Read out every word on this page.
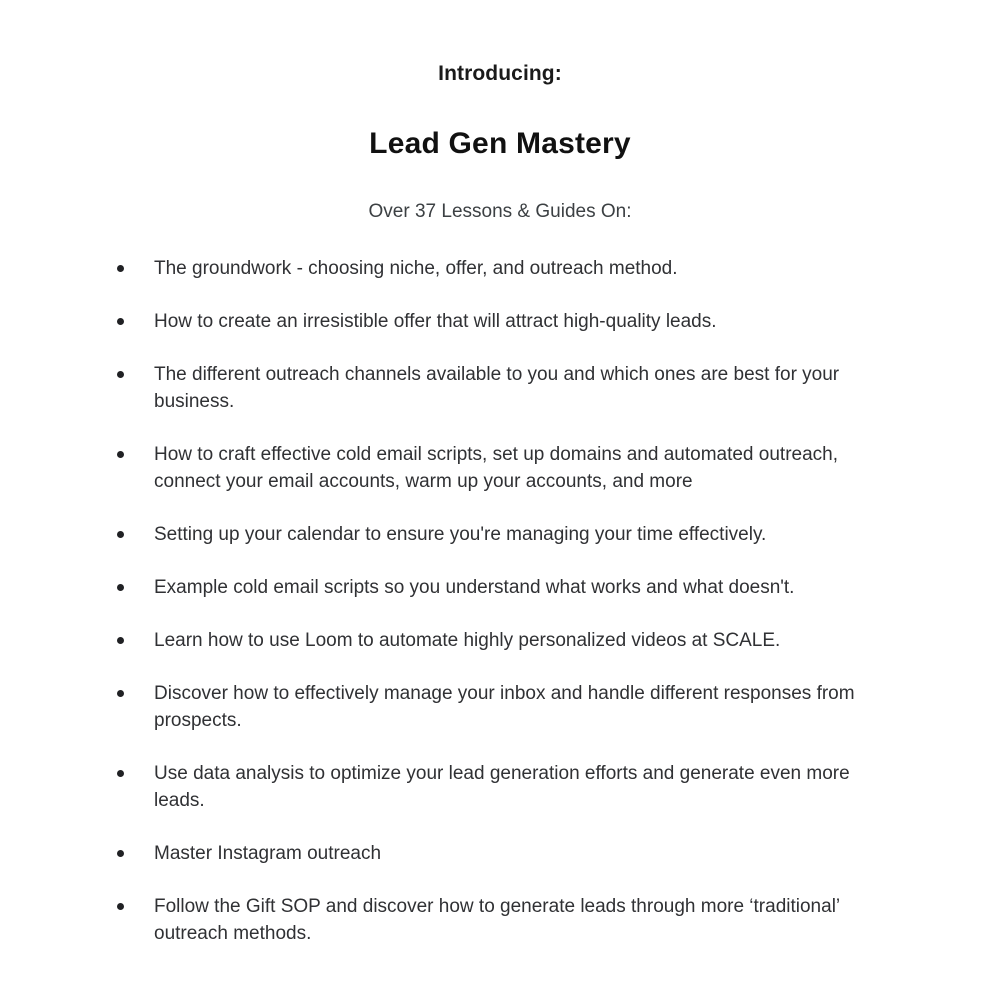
Introducing:

Lead Gen Mastery

Over 37 Lessons & Guides On:

The groundwork - choosing niche, offer, and outreach method.
How to create an irresistible offer that will attract high-quality leads.
The different outreach channels available to you and which ones are best for your business.
How to craft effective cold email scripts, set up domains and automated outreach, connect your email accounts, warm up your accounts, and more
Setting up your calendar to ensure you're managing your time effectively.
Example cold email scripts so you understand what works and what doesn't.
Learn how to use Loom to automate highly personalized videos at SCALE.
Discover how to effectively manage your inbox and handle different responses from prospects.
Use data analysis to optimize your lead generation efforts and generate even more leads.
Master Instagram outreach
Follow the Gift SOP and discover how to generate leads through more ‘traditional’ outreach methods.
